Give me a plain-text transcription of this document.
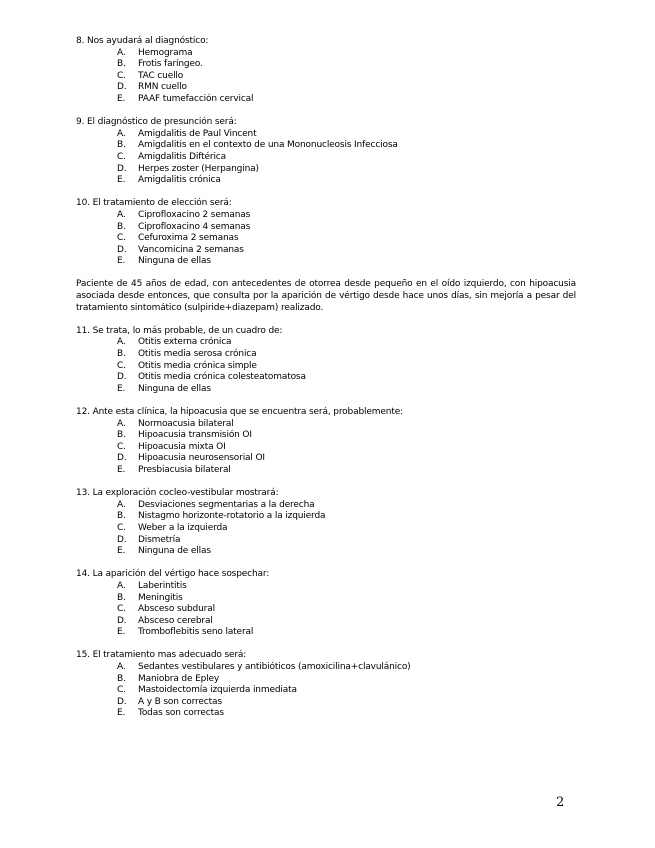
8. Nos ayudará al diagnóstico:
A.	Hemograma
B.	Frotis faríngeo.
C.	TAC cuello
D.	RMN cuello
E.	PAAF tumefacción cervical
9. El diagnóstico de presunción será:
A.	Amigdalitis de Paul Vincent
B.	Amigdalitis en el contexto de una Mononucleosis Infecciosa
C.	Amigdalitis Diftérica
D.	Herpes zoster (Herpangina)
E.	Amigdalitis crónica
10. El tratamiento de elección será:
A.	Ciprofloxacino 2 semanas
B.	Ciprofloxacino 4 semanas
C.	Cefuroxima 2 semanas
D.	Vancomicina 2 semanas
E.	Ninguna de ellas

Paciente de 45 años de edad, con antecedentes de otorrea desde pequeño en el oído izquierdo, con hipoacusia asociada desde entonces, que consulta por la aparición de vértigo desde hace unos días, sin mejoría a pesar del tratamiento sintomático (sulpiride+diazepam) realizado.

11. Se trata, lo más probable, de un cuadro de:
A.	Otitis externa crónica
B.	Otitis media serosa crónica
C.	Otitis media crónica simple
D.	Otitis media crónica colesteatomatosa
E.	Ninguna de ellas
12. Ante esta clínica, la hipoacusia que se encuentra será, probablemente:
A.	Normoacusia bilateral
B.	Hipoacusia transmisión OI
C.	Hipoacusia mixta OI
D.	Hipoacusia neurosensorial OI
E.	Presbiacusia bilateral
13. La exploración cocleo-vestibular mostrará:
A.	Desviaciones segmentarias a la derecha
B.	Nistagmo horizonte-rotatorio a la izquierda
C.	Weber a la izquierda
D.	Dismetría
E.	Ninguna de ellas
14. La aparición del vértigo hace sospechar:
A.	Laberintitis
B.	Meningitis
C.	Absceso subdural
D.	Absceso cerebral
E.	Tromboflebitis seno lateral
15. El tratamiento mas adecuado será:
A.	Sedantes vestibulares y antibióticos (amoxicilina+clavulánico)
B.	Maniobra de Epley
C.	Mastoidectomía izquierda inmediata
D.	A y B son correctas
E.	Todas son correctas
2
